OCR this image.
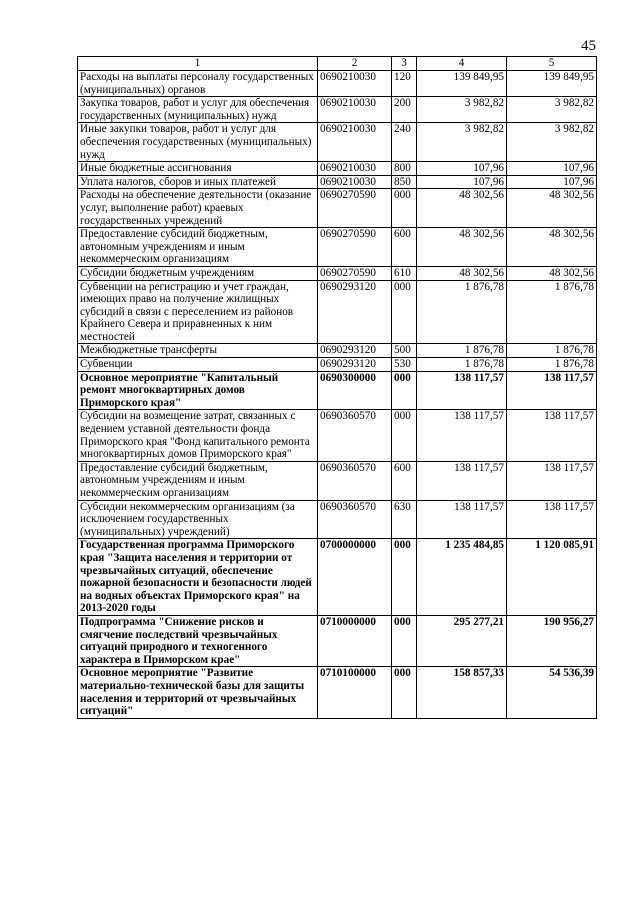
45
1	2	3	4	5
Расходы на выплаты персоналу государственных (муниципальных) органов	0690210030	120	139 849,95	139 849,95
Закупка товаров, работ и услуг для обеспечения государственных (муниципальных) нужд	0690210030	200	3 982,82	3 982,82
Иные закупки товаров, работ и услуг для обеспечения государственных (муниципальных) нужд	0690210030	240	3 982,82	3 982,82
Иные бюджетные ассигнования	0690210030	800	107,96	107,96
Уплата налогов, сборов и иных платежей	0690210030	850	107,96	107,96
Расходы на обеспечение деятельности (оказание услуг, выполнение работ) краевых государственных учреждений	0690270590	000	48 302,56	48 302,56
Предоставление субсидий бюджетным, автономным учреждениям и иным некоммерческим организациям	0690270590	600	48 302,56	48 302,56
Субсидии бюджетным учреждениям	0690270590	610	48 302,56	48 302,56
Субвенции на регистрацию и учет граждан, имеющих право на получение жилищных субсидий в связи с переселением из районов Крайнего Севера и приравненных к ним местностей	0690293120	000	1 876,78	1 876,78
Межбюджетные трансферты	0690293120	500	1 876,78	1 876,78
Субвенции	0690293120	530	1 876,78	1 876,78
Основное мероприятие "Капитальный ремонт многоквартирных домов Приморского края"	0690300000	000	138 117,57	138 117,57
Субсидии на возмещение затрат, связанных с ведением уставной деятельности фонда Приморского края "Фонд капитального ремонта многоквартирных домов Приморского края"	0690360570	000	138 117,57	138 117,57
Предоставление субсидий бюджетным, автономным учреждениям и иным некоммерческим организациям	0690360570	600	138 117,57	138 117,57
Субсидии некоммерческим организациям (за исключением государственных (муниципальных) учреждений)	0690360570	630	138 117,57	138 117,57
Государственная программа Приморского края "Защита населения и территории от чрезвычайных ситуаций, обеспечение пожарной безопасности и безопасности людей на водных объектах Приморского края" на 2013-2020 годы	0700000000	000	1 235 484,85	1 120 085,91
Подпрограмма "Снижение рисков и смягчение последствий чрезвычайных ситуаций природного и техногенного характера в Приморском крае"	0710000000	000	295 277,21	190 956,27
Основное мероприятие "Развитие материально-технической базы для защиты населения и территорий от чрезвычайных ситуаций"	0710100000	000	158 857,33	54 536,39
